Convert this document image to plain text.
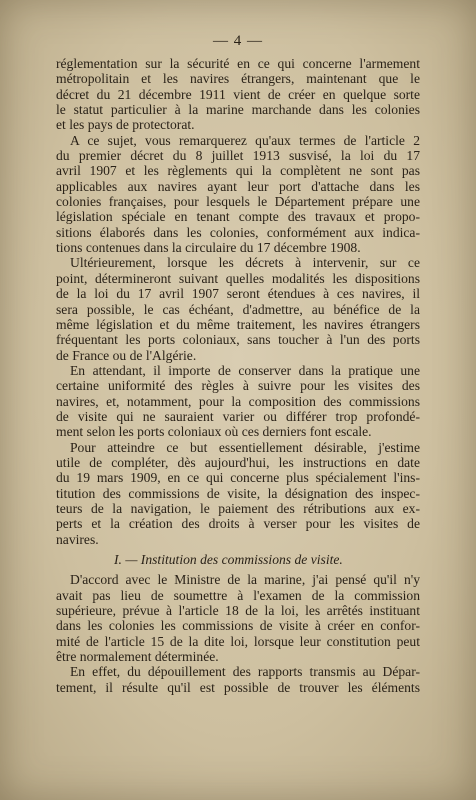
— 4 —
réglementation sur la sécurité en ce qui concerne l'armement
métropolitain et les navires étrangers, maintenant que le
décret du 21 décembre 1911 vient de créer en quelque sorte
le statut particulier à la marine marchande dans les colonies
et les pays de protectorat.
A ce sujet, vous remarquerez qu'aux termes de l'article 2
du premier décret du 8 juillet 1913 susvisé, la loi du 17
avril 1907 et les règlements qui la complètent ne sont pas
applicables aux navires ayant leur port d'attache dans les
colonies françaises, pour lesquels le Département prépare une
législation spéciale en tenant compte des travaux et propo-
sitions élaborés dans les colonies, conformément aux indica-
tions contenues dans la circulaire du 17 décembre 1908.
Ultérieurement, lorsque les décrets à intervenir, sur ce
point, détermineront suivant quelles modalités les dispositions
de la loi du 17 avril 1907 seront étendues à ces navires, il
sera possible, le cas échéant, d'admettre, au bénéfice de la
même législation et du même traitement, les navires étrangers
fréquentant les ports coloniaux, sans toucher à l'un des ports
de France ou de l'Algérie.
En attendant, il importe de conserver dans la pratique une
certaine uniformité des règles à suivre pour les visites des
navires, et, notamment, pour la composition des commissions
de visite qui ne sauraient varier ou différer trop profondé-
ment selon les ports coloniaux où ces derniers font escale.
Pour atteindre ce but essentiellement désirable, j'estime
utile de compléter, dès aujourd'hui, les instructions en date
du 19 mars 1909, en ce qui concerne plus spécialement l'ins-
titution des commissions de visite, la désignation des inspec-
teurs de la navigation, le paiement des rétributions aux ex-
perts et la création des droits à verser pour les visites de
navires.
I. — Institution des commissions de visite.
D'accord avec le Ministre de la marine, j'ai pensé qu'il n'y
avait pas lieu de soumettre à l'examen de la commission
supérieure, prévue à l'article 18 de la loi, les arrêtés instituant
dans les colonies les commissions de visite à créer en confor-
mité de l'article 15 de la dite loi, lorsque leur constitution peut
être normalement déterminée.
En effet, du dépouillement des rapports transmis au Dépar-
tement, il résulte qu'il est possible de trouver les éléments
